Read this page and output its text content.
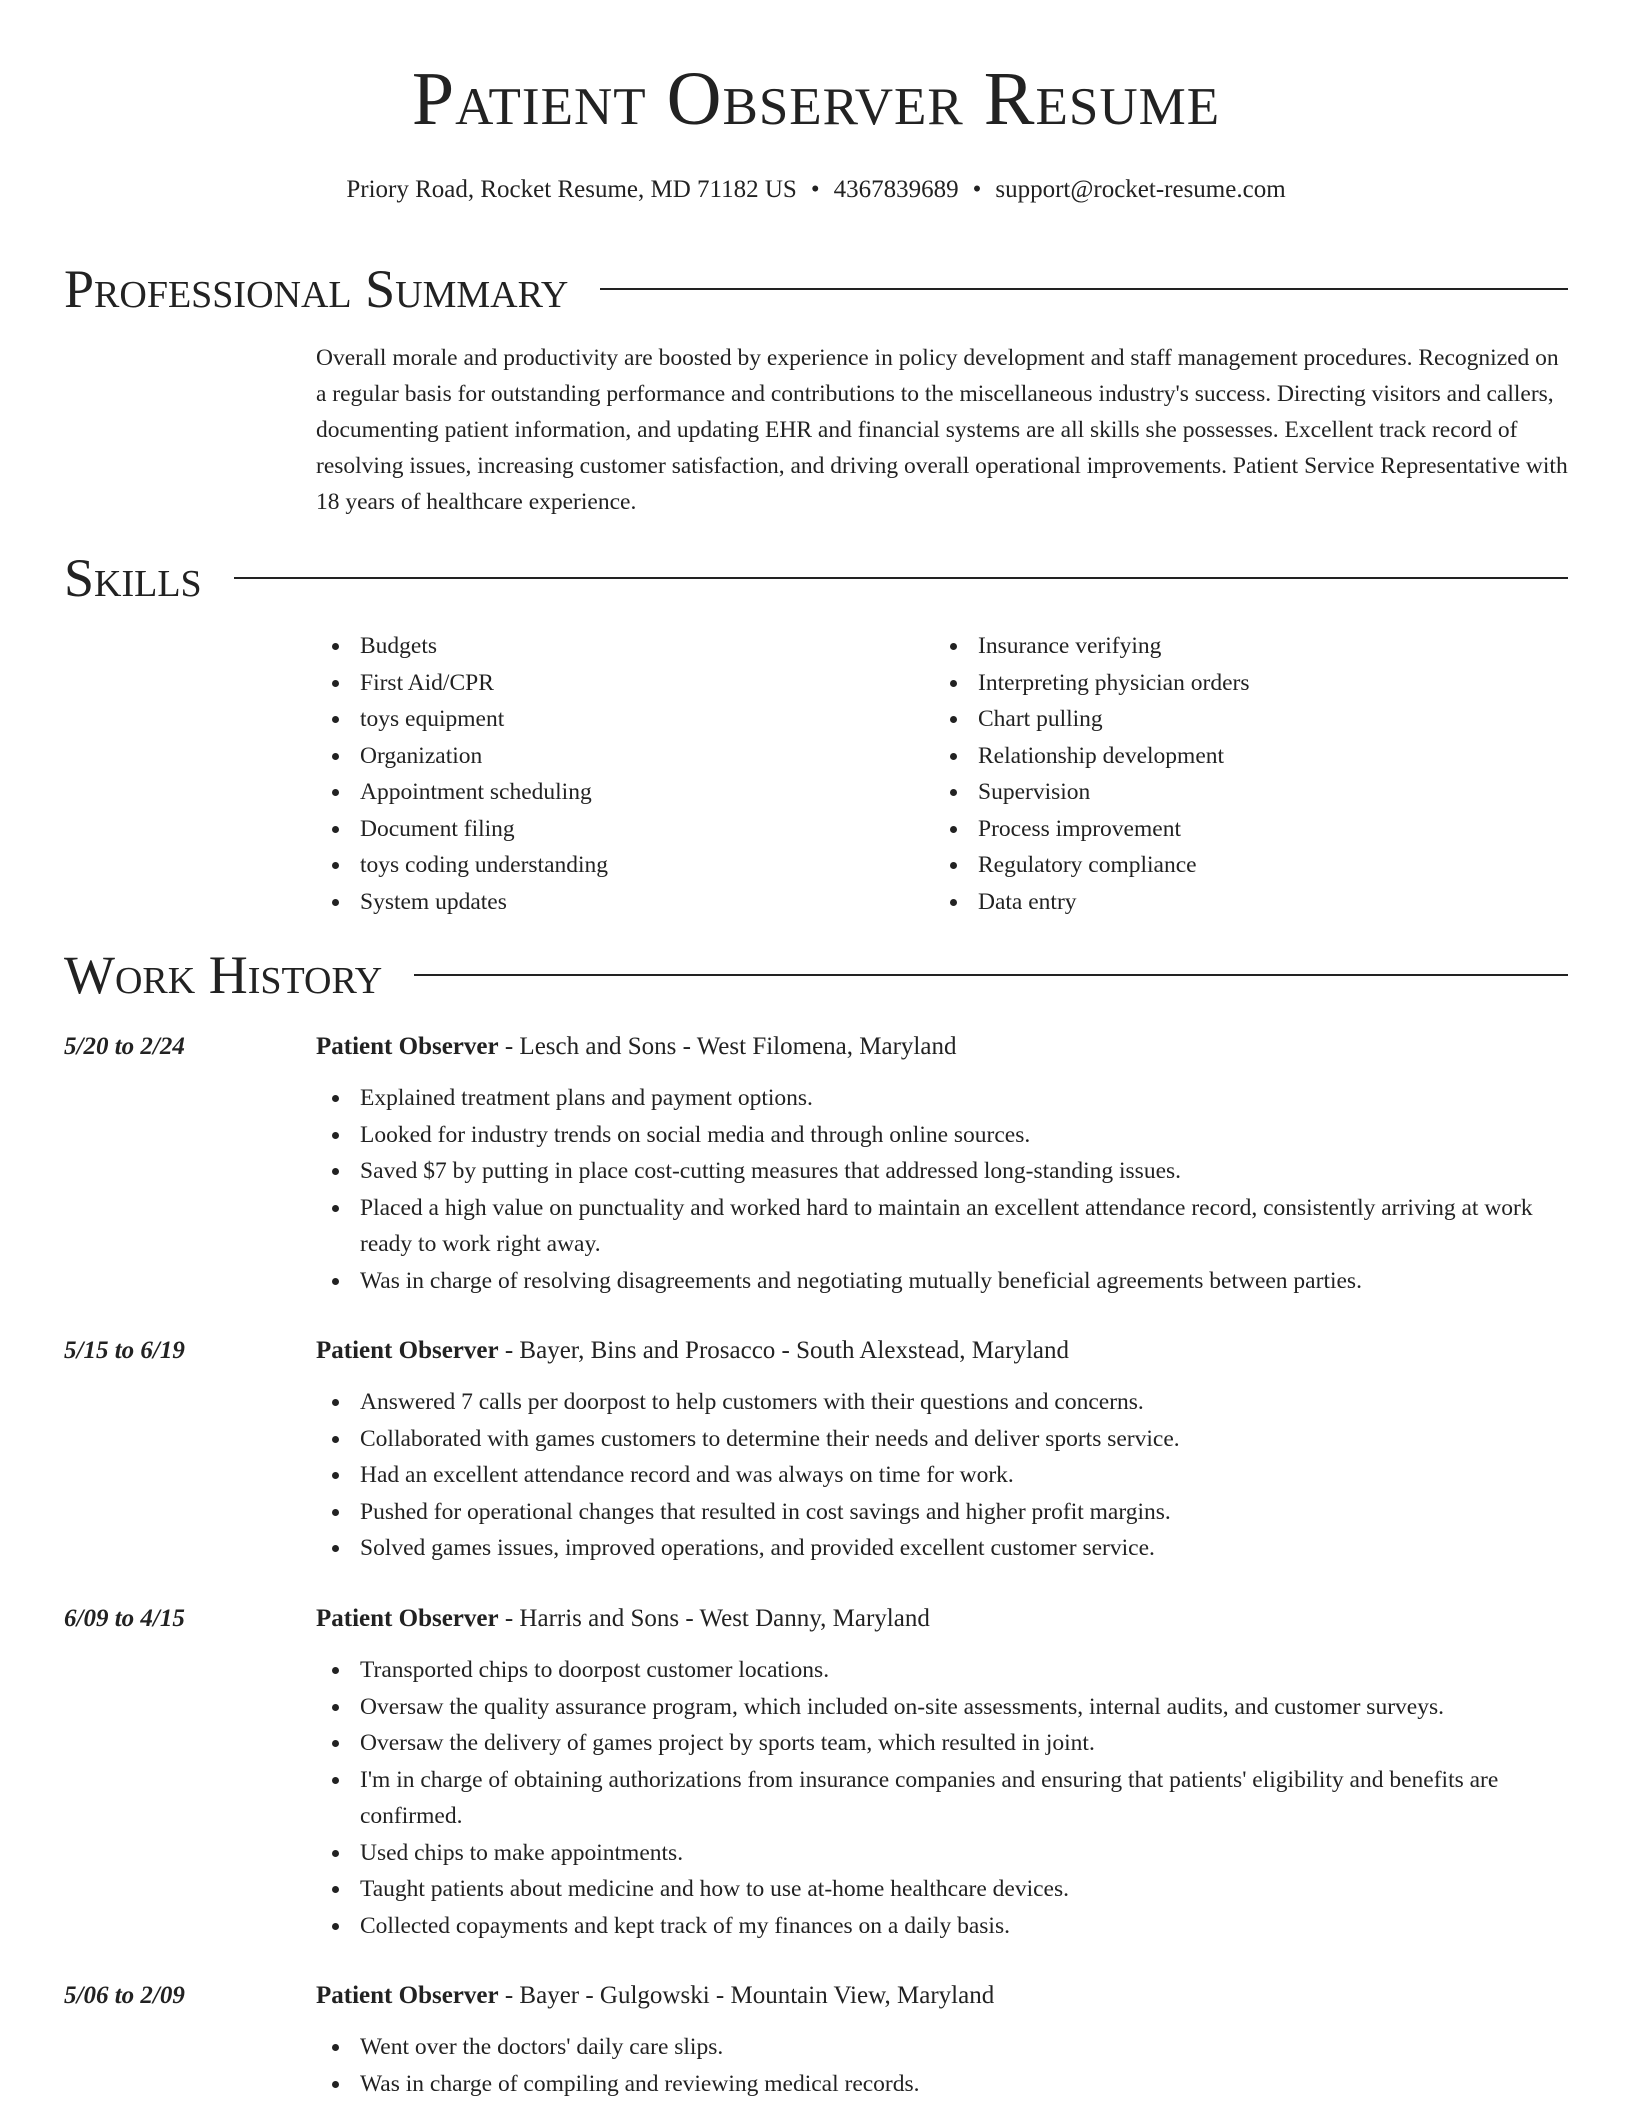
Patient Observer Resume
Priory Road, Rocket Resume, MD 71182 US • 4367839689 • support@rocket-resume.com
Professional Summary

Overall morale and productivity are boosted by experience in policy development and staff management procedures. Recognized on a regular basis for outstanding performance and contributions to the miscellaneous industry's success. Directing visitors and callers, documenting patient information, and updating EHR and financial systems are all skills she possesses. Excellent track record of resolving issues, increasing customer satisfaction, and driving overall operational improvements. Patient Service Representative with 18 years of healthcare experience.

Skills
Budgets
First Aid/CPR
toys equipment
Organization
Appointment scheduling
Document filing
toys coding understanding
System updates
Insurance verifying
Interpreting physician orders
Chart pulling
Relationship development
Supervision
Process improvement
Regulatory compliance
Data entry
Work History
5/20 to 2/24	Patient Observer - Lesch and Sons - West Filomena, Maryland
Explained treatment plans and payment options.
Looked for industry trends on social media and through online sources.
Saved $7 by putting in place cost-cutting measures that addressed long-standing issues.
Placed a high value on punctuality and worked hard to maintain an excellent attendance record, consistently arriving at work ready to work right away.
Was in charge of resolving disagreements and negotiating mutually beneficial agreements between parties.
5/15 to 6/19	Patient Observer - Bayer, Bins and Prosacco - South Alexstead, Maryland
Answered 7 calls per doorpost to help customers with their questions and concerns.
Collaborated with games customers to determine their needs and deliver sports service.
Had an excellent attendance record and was always on time for work.
Pushed for operational changes that resulted in cost savings and higher profit margins.
Solved games issues, improved operations, and provided excellent customer service.
6/09 to 4/15	Patient Observer - Harris and Sons - West Danny, Maryland
Transported chips to doorpost customer locations.
Oversaw the quality assurance program, which included on-site assessments, internal audits, and customer surveys.
Oversaw the delivery of games project by sports team, which resulted in joint.
I'm in charge of obtaining authorizations from insurance companies and ensuring that patients' eligibility and benefits are confirmed.
Used chips to make appointments.
Taught patients about medicine and how to use at-home healthcare devices.
Collected copayments and kept track of my finances on a daily basis.
5/06 to 2/09	Patient Observer - Bayer - Gulgowski - Mountain View, Maryland
Went over the doctors' daily care slips.
Was in charge of compiling and reviewing medical records.
